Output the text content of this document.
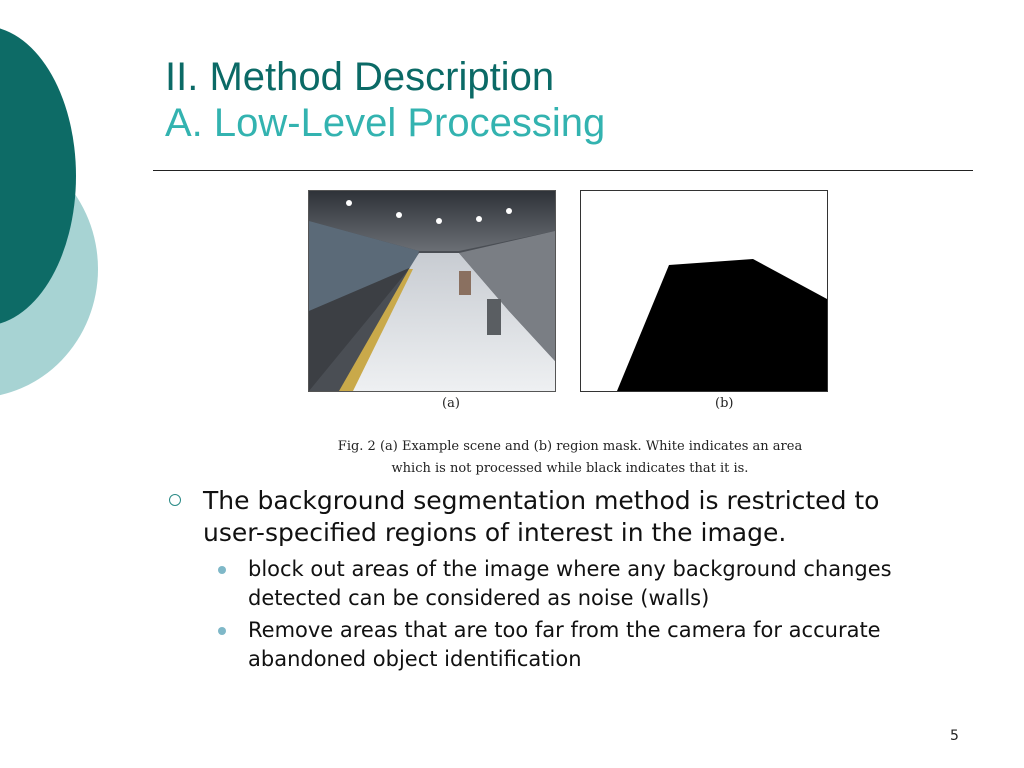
II. Method Description
A. Low-Level Processing
(a)	(b)
Fig. 2 (a) Example scene and (b) region mask. White indicates an area
which is not processed while black indicates that it is.
The background segmentation method is restricted to user-specified regions of interest in the image.
block out areas of the image where any background changes detected can be considered as noise (walls)
Remove areas that are too far from the camera for accurate abandoned object identification
5
